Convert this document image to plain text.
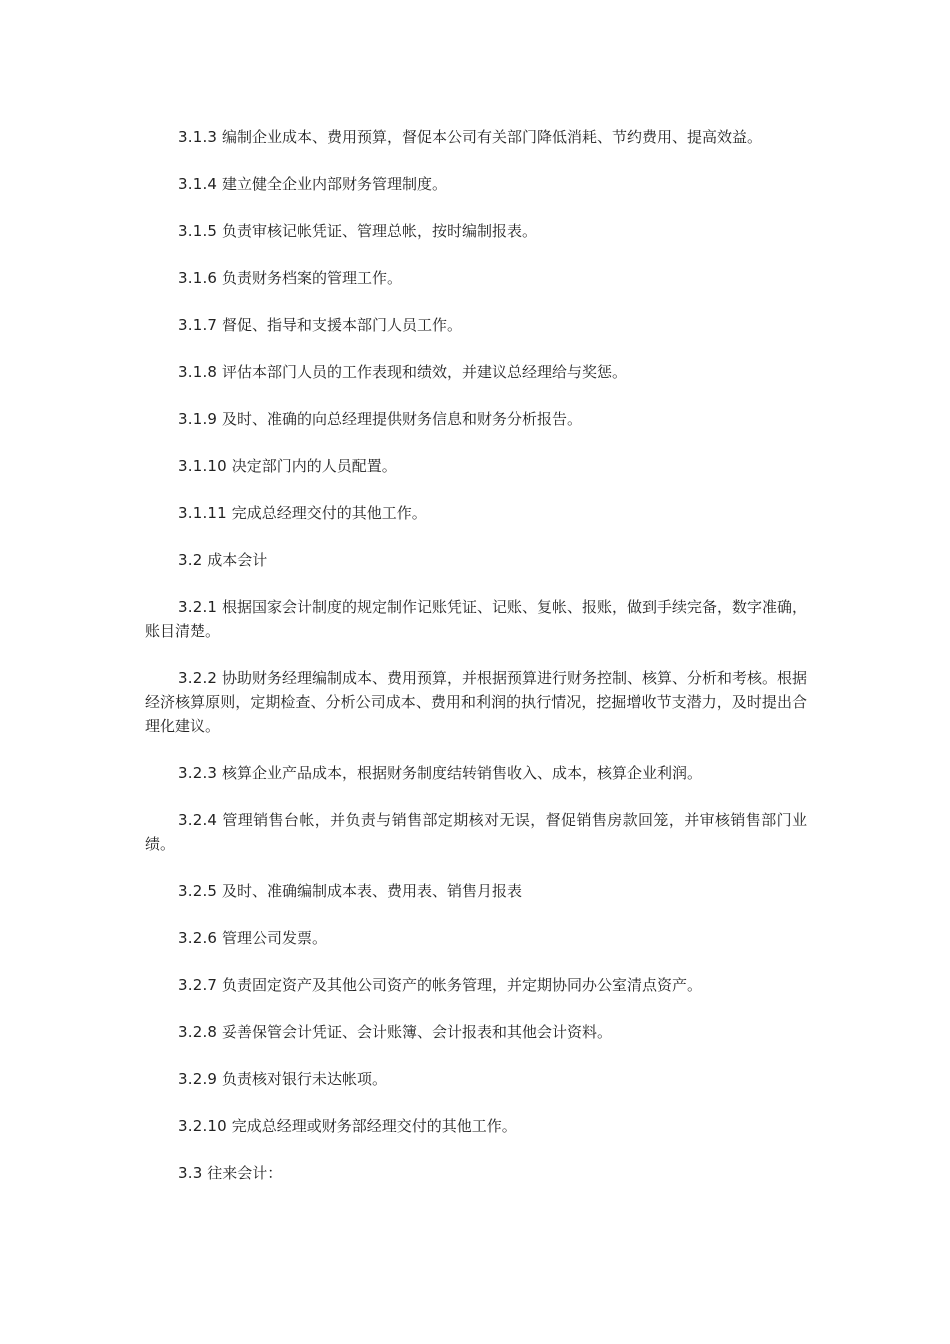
3.1.3 编制企业成本、费用预算，督促本公司有关部门降低消耗、节约费用、提高效益。

3.1.4 建立健全企业内部财务管理制度。

3.1.5 负责审核记帐凭证、管理总帐，按时编制报表。

3.1.6 负责财务档案的管理工作。

3.1.7 督促、指导和支援本部门人员工作。

3.1.8 评估本部门人员的工作表现和绩效，并建议总经理给与奖惩。

3.1.9 及时、准确的向总经理提供财务信息和财务分析报告。

3.1.10 决定部门内的人员配置。

3.1.11 完成总经理交付的其他工作。

3.2 成本会计

3.2.1 根据国家会计制度的规定制作记账凭证、记账、复帐、报账，做到手续完备，数字准确，账目清楚。

3.2.2 协助财务经理编制成本、费用预算，并根据预算进行财务控制、核算、分析和考核。根据经济核算原则，定期检查、分析公司成本、费用和利润的执行情况，挖掘增收节支潜力，及时提出合理化建议。

3.2.3 核算企业产品成本，根据财务制度结转销售收入、成本，核算企业利润。

3.2.4 管理销售台帐，并负责与销售部定期核对无误，督促销售房款回笼，并审核销售部门业绩。

3.2.5 及时、准确编制成本表、费用表、销售月报表

3.2.6 管理公司发票。

3.2.7 负责固定资产及其他公司资产的帐务管理，并定期协同办公室清点资产。

3.2.8 妥善保管会计凭证、会计账簿、会计报表和其他会计资料。

3.2.9 负责核对银行未达帐项。

3.2.10 完成总经理或财务部经理交付的其他工作。

3.3 往来会计：
